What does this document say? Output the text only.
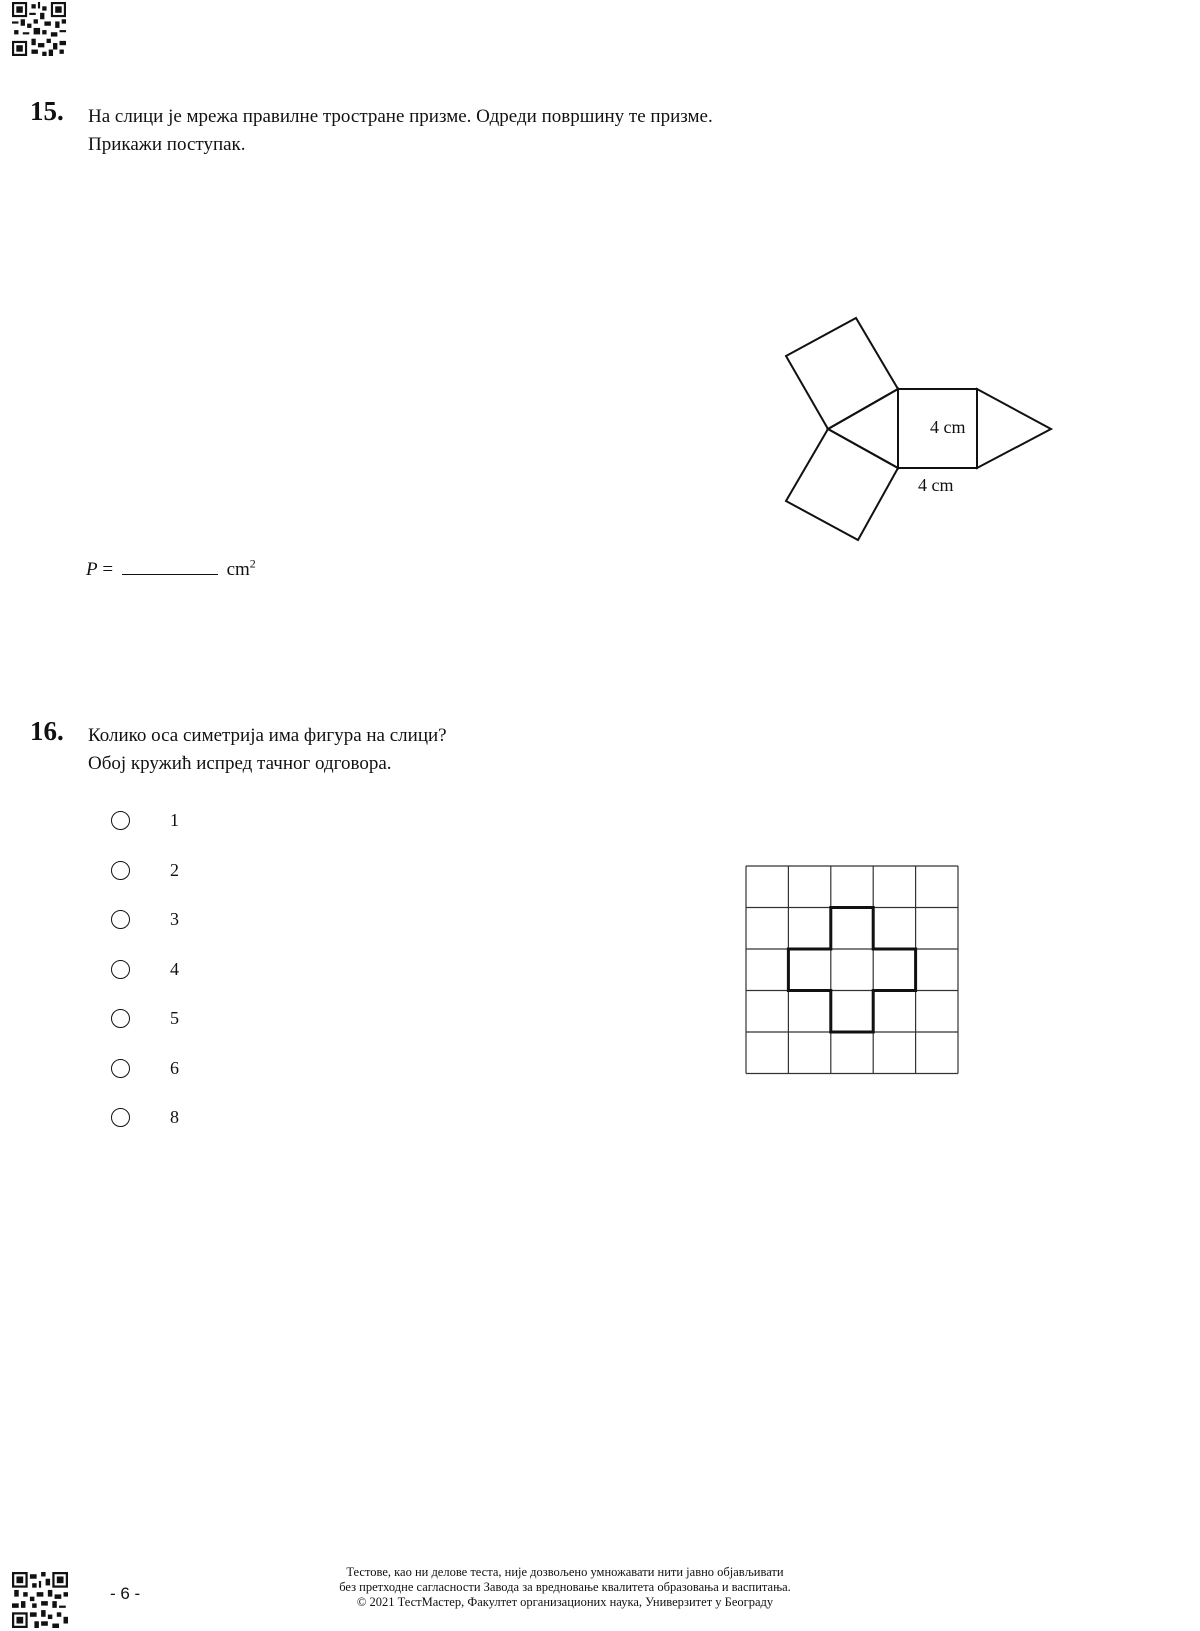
15. На слици је мрежа правилне тростране призме. Одреди површину те призме.
Прикажи поступак.
4 cm
4 cm
P =	$cm^2$
16. Колико оса симетрија има фигура на слици?
Обој кружић испред тачног одговора.
1
2
3
4
5
6
8
- 6 -
Тестове, као ни делове теста, није дозвољено умножавати нити јавно објављивати
без претходне сагласности Завода за вредновање квалитета образовања и васпитања.
© 2021 ТестМастер, Факултет организационих наука, Универзитет у Београду
